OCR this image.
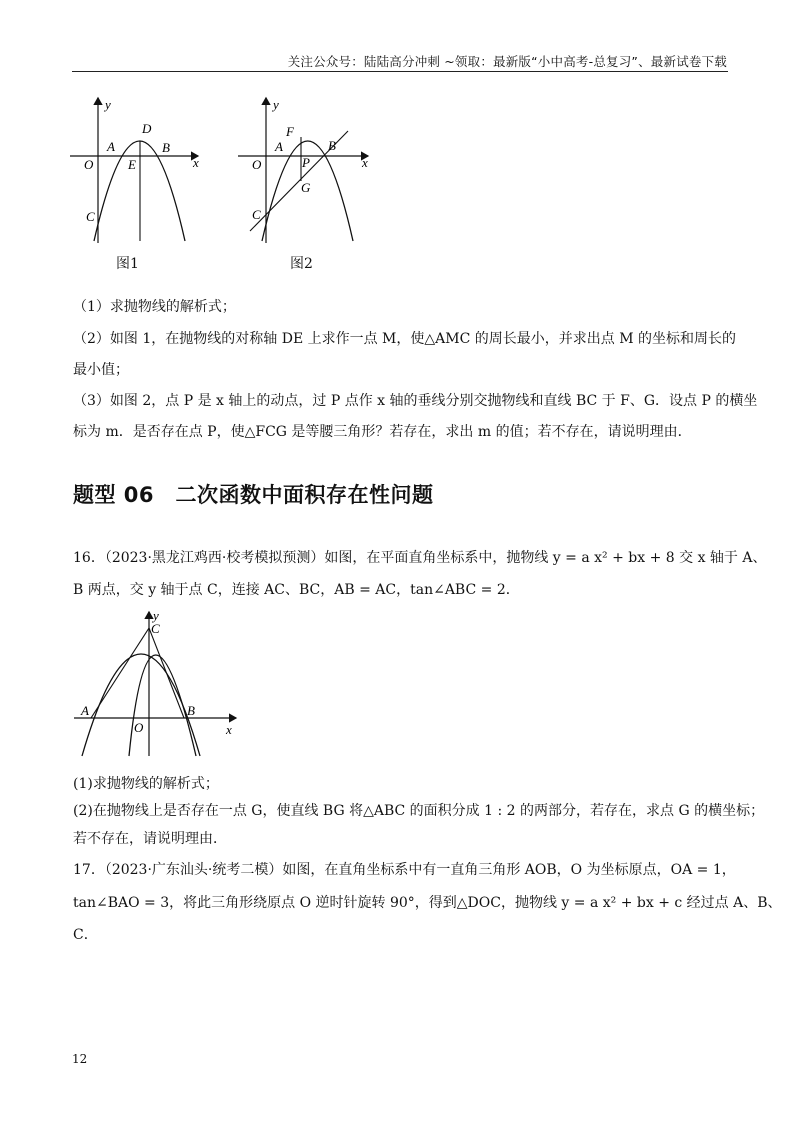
关注公众号：陆陆高分冲刺 ~领取：最新版“小中高考-总复习”、最新试卷下载
y
D
A	B
O	E	x
C
图1
y
F
A	B
O	P	x
G
C
图2
（1）求抛物线的解析式；
（2）如图 1，在抛物线的对称轴 DE 上求作一点 M，使△AMC 的周长最小，并求出点 M 的坐标和周长的
最小值；
（3）如图 2，点 P 是 x 轴上的动点，过 P 点作 x 轴的垂线分别交抛物线和直线 BC 于 F、G．设点 P 的横坐
标为 m．是否存在点 P，使△FCG 是等腰三角形？若存在，求出 m 的值；若不存在，请说明理由．
题型 06　二次函数中面积存在性问题
16．（2023·黑龙江鸡西·校考模拟预测）如图，在平面直角坐标系中，抛物线 y = a x² + bx + 8 交 x 轴于 A、
B 两点，交 y 轴于点 C，连接 AC、BC，AB = AC，tan∠ABC = 2．
y
C
A
O
B
x
(1)求抛物线的解析式；
(2)在抛物线上是否存在一点 G，使直线 BG 将△ABC 的面积分成 1 : 2 的两部分，若存在，求点 G 的横坐标；
若不存在，请说明理由．
17．（2023·广东汕头·统考二模）如图，在直角坐标系中有一直角三角形 AOB，O 为坐标原点，OA = 1，
tan∠BAO = 3，将此三角形绕原点 O 逆时针旋转 90°，得到△DOC，抛物线 y = a x² + bx + c 经过点 A、B、
C．
12
